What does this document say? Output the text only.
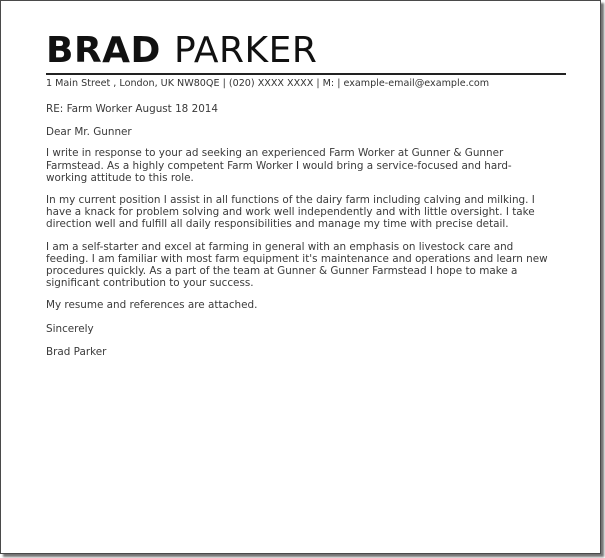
BRAD PARKER
1 Main Street , London, UK NW80QE | (020) XXXX XXXX | M: | example-email@example.com
RE: Farm Worker August 18 2014
Dear Mr. Gunner
I write in response to your ad seeking an experienced Farm Worker at Gunner & Gunner
Farmstead. As a highly competent Farm Worker I would bring a service-focused and hard-
working attitude to this role.
In my current position I assist in all functions of the dairy farm including calving and milking. I
have a knack for problem solving and work well independently and with little oversight. I take
direction well and fulfill all daily responsibilities and manage my time with precise detail.
I am a self-starter and excel at farming in general with an emphasis on livestock care and
feeding. I am familiar with most farm equipment it's maintenance and operations and learn new
procedures quickly. As a part of the team at Gunner & Gunner Farmstead I hope to make a
significant contribution to your success.
My resume and references are attached.
Sincerely
Brad Parker
